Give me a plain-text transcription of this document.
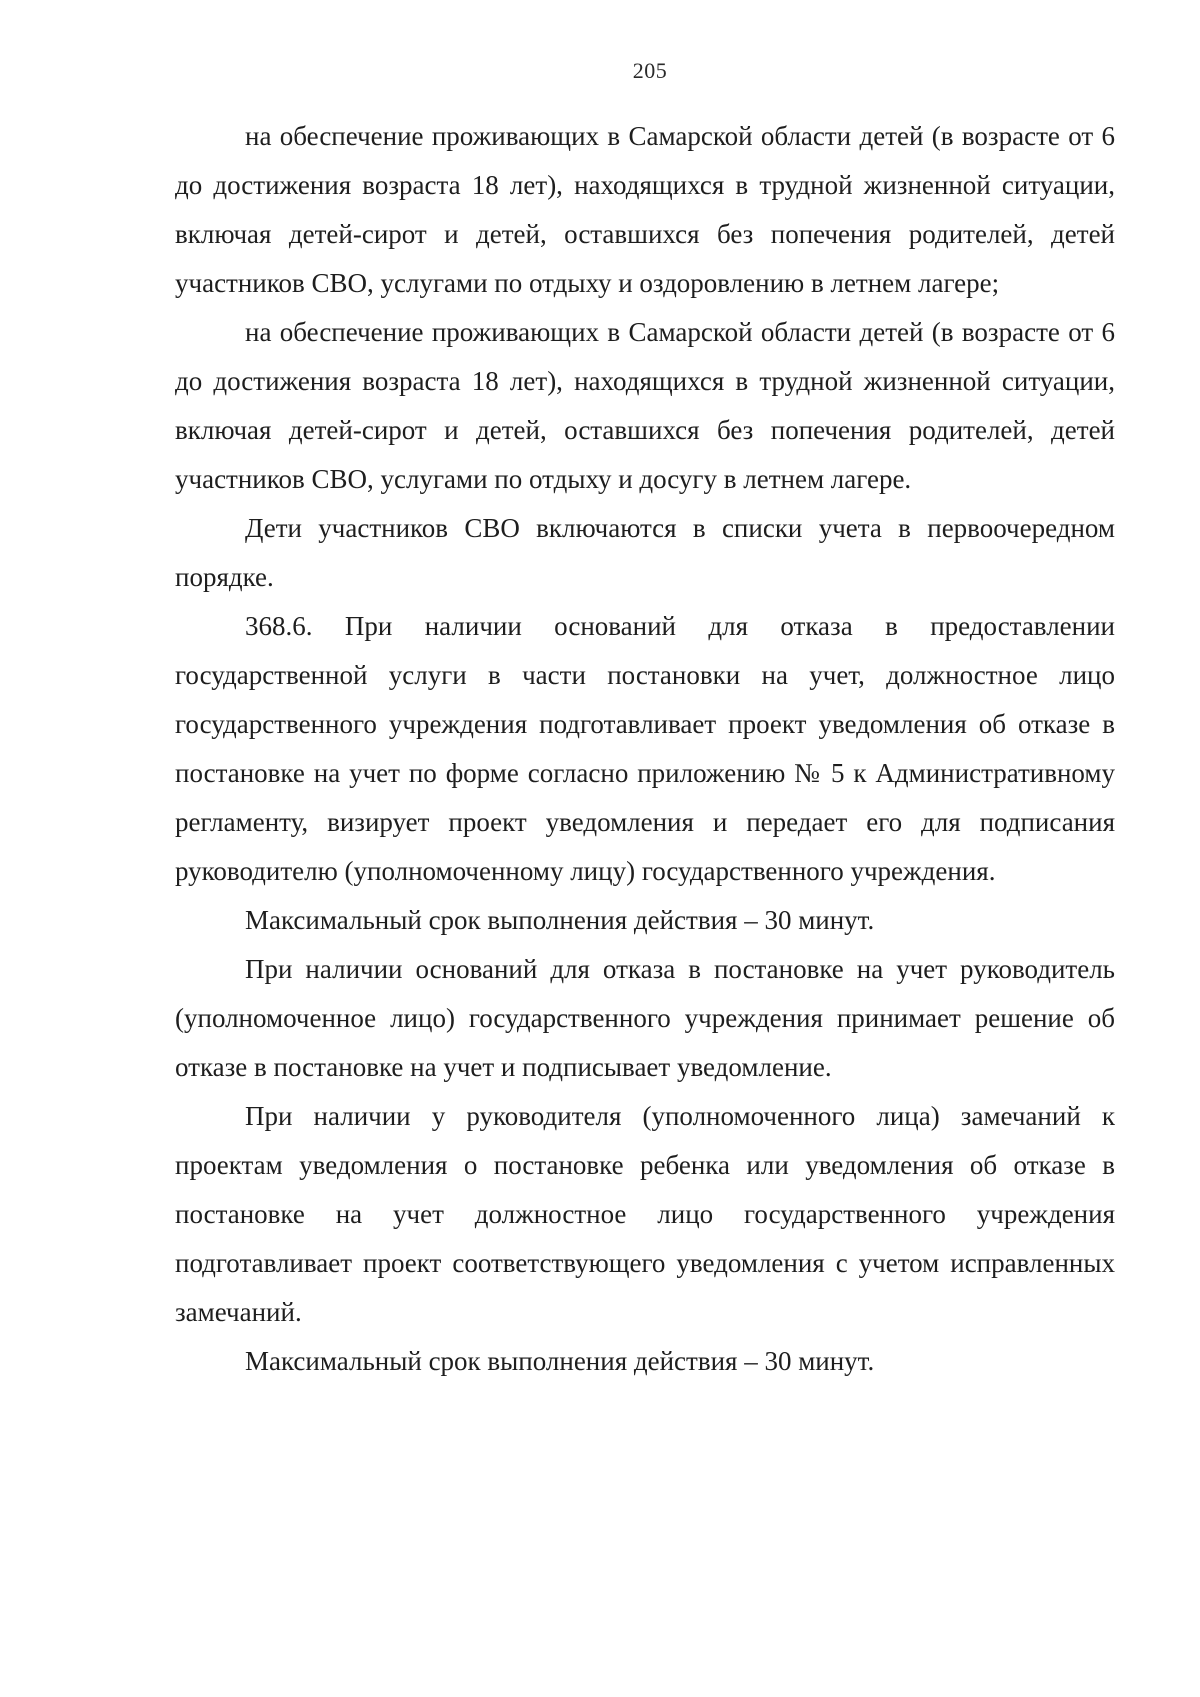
205

на обеспечение проживающих в Самарской области детей (в возрасте от 6 до достижения возраста 18 лет), находящихся в трудной жизненной ситуации, включая детей-сирот и детей, оставшихся без попечения родителей, детей участников СВО, услугами по отдыху и оздоровлению в летнем лагере;

на обеспечение проживающих в Самарской области детей (в возрасте от 6 до достижения возраста 18 лет), находящихся в трудной жизненной ситуации, включая детей-сирот и детей, оставшихся без попечения родителей, детей участников СВО, услугами по отдыху и досугу в летнем лагере.

Дети участников СВО включаются в списки учета в первоочередном порядке.

368.6. При наличии оснований для отказа в предоставлении государственной услуги в части постановки на учет, должностное лицо государственного учреждения подготавливает проект уведомления об отказе в постановке на учет по форме согласно приложению № 5 к Административному регламенту, визирует проект уведомления и передает его для подписания руководителю (уполномоченному лицу) государственного учреждения.

Максимальный срок выполнения действия – 30 минут.

При наличии оснований для отказа в постановке на учет руководитель (уполномоченное лицо) государственного учреждения принимает решение об отказе в постановке на учет и подписывает уведомление.

При наличии у руководителя (уполномоченного лица) замечаний к проектам уведомления о постановке ребенка или уведомления об отказе в постановке на учет должностное лицо государственного учреждения подготавливает проект соответствующего уведомления с учетом исправленных замечаний.

Максимальный срок выполнения действия – 30 минут.
